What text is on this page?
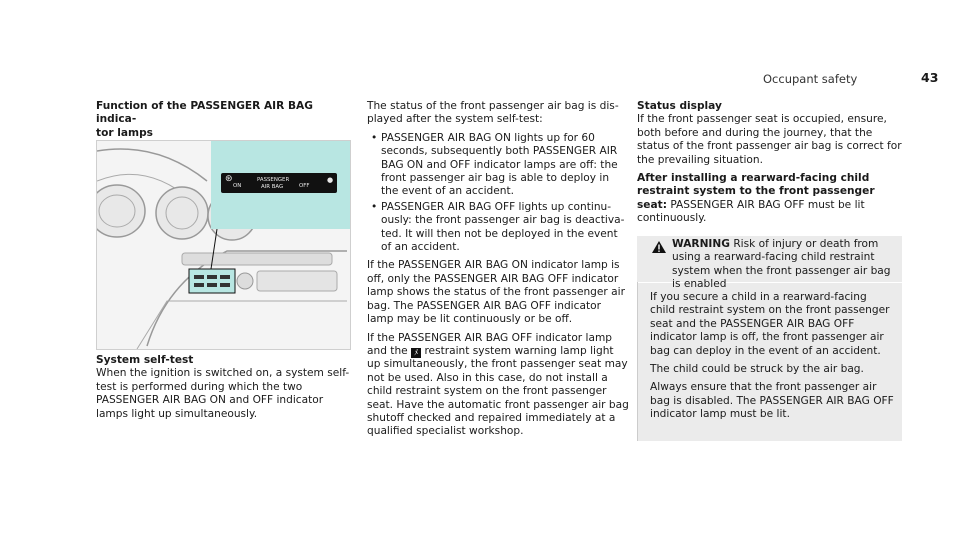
Occupant safety	43
Function of the PASSENGER AIR BAG indica-
tor lamps
⊛
ON
PASSENGER
AIR BAG	OFF
●
System self-test

When the ignition is switched on, a system self-test is performed during which the two PASSENGER AIR BAG ON and OFF indicator lamps light up simultaneously.

The status of the front passenger air bag is dis-played after the system self-test:

• PASSENGER AIR BAG ON lights up for 60 seconds, subsequently both PASSENGER AIR BAG ON and OFF indicator lamps are off: the front passenger air bag is able to deploy in the event of an accident.
• PASSENGER AIR BAG OFF lights up continu-ously: the front passenger air bag is deactiva-ted. It will then not be deployed in the event of an accident.

If the PASSENGER AIR BAG ON indicator lamp is off, only the PASSENGER AIR BAG OFF indicator lamp shows the status of the front passenger air bag. The PASSENGER AIR BAG OFF indicator lamp may be lit continuously or be off.

If the PASSENGER AIR BAG OFF indicator lamp and the ﾒ restraint system warning lamp light up simultaneously, the front passenger seat may not be used. Also in this case, do not install a child restraint system on the front passenger seat. Have the automatic front passenger air bag shutoff checked and repaired immediately at a qualified specialist workshop.

Status display

If the front passenger seat is occupied, ensure, both before and during the journey, that the status of the front passenger air bag is correct for the prevailing situation.

After installing a rearward-facing child restraint system to the front passenger seat: PASSENGER AIR BAG OFF must be lit continuously.

WARNING Risk of injury or death from using a rearward-facing child restraint system when the front passenger air bag is enabled

If you secure a child in a rearward-facing child restraint system on the front passenger seat and the PASSENGER AIR BAG OFF indicator lamp is off, the front passenger air bag can deploy in the event of an accident.

The child could be struck by the air bag.

Always ensure that the front passenger air bag is disabled. The PASSENGER AIR BAG OFF indicator lamp must be lit.
